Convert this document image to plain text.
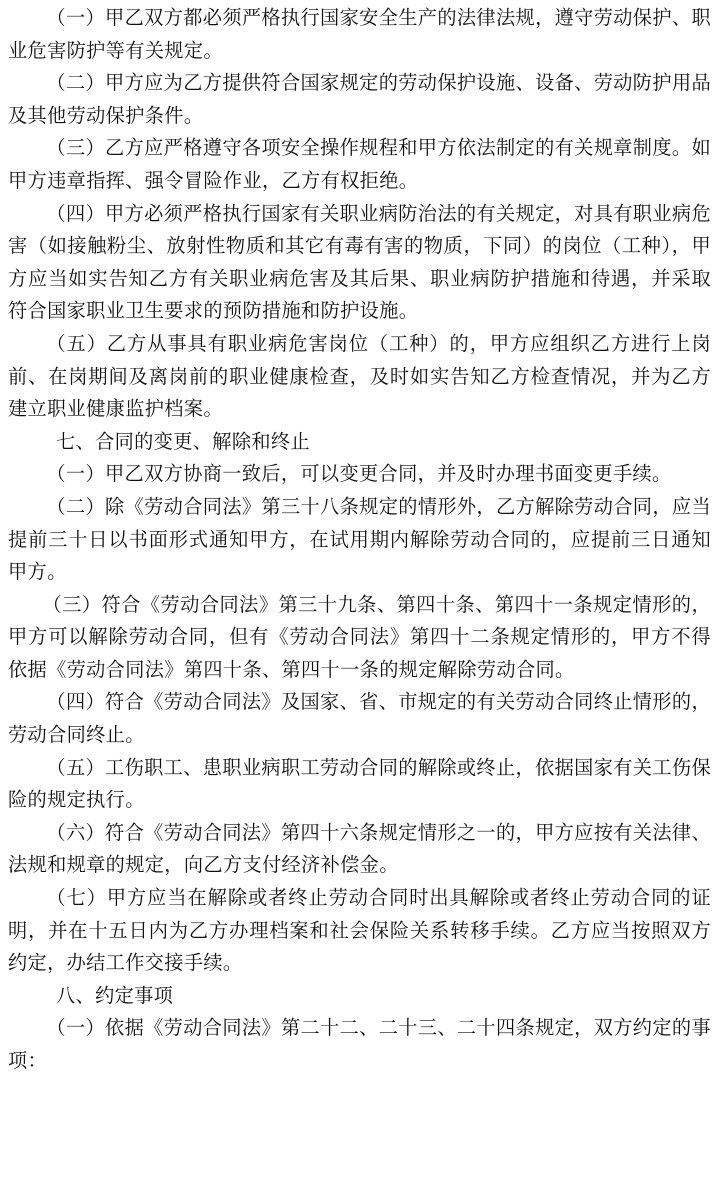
（一）甲乙双方都必须严格执行国家安全生产的法律法规，遵守劳动保护、职业危害防护等有关规定。

（二）甲方应为乙方提供符合国家规定的劳动保护设施、设备、劳动防护用品及其他劳动保护条件。

（三）乙方应严格遵守各项安全操作规程和甲方依法制定的有关规章制度。如甲方违章指挥、强令冒险作业，乙方有权拒绝。

（四）甲方必须严格执行国家有关职业病防治法的有关规定，对具有职业病危害（如接触粉尘、放射性物质和其它有毒有害的物质，下同）的岗位（工种），甲方应当如实告知乙方有关职业病危害及其后果、职业病防护措施和待遇，并采取符合国家职业卫生要求的预防措施和防护设施。

（五）乙方从事具有职业病危害岗位（工种）的，甲方应组织乙方进行上岗前、在岗期间及离岗前的职业健康检查，及时如实告知乙方检查情况，并为乙方建立职业健康监护档案。

七、合同的变更、解除和终止

（一）甲乙双方协商一致后，可以变更合同，并及时办理书面变更手续。

（二）除《劳动合同法》第三十八条规定的情形外，乙方解除劳动合同，应当提前三十日以书面形式通知甲方，在试用期内解除劳动合同的，应提前三日通知甲方。

（三）符合《劳动合同法》第三十九条、第四十条、第四十一条规定情形的，甲方可以解除劳动合同，但有《劳动合同法》第四十二条规定情形的，甲方不得依据《劳动合同法》第四十条、第四十一条的规定解除劳动合同。

（四）符合《劳动合同法》及国家、省、市规定的有关劳动合同终止情形的，劳动合同终止。

（五）工伤职工、患职业病职工劳动合同的解除或终止，依据国家有关工伤保险的规定执行。

（六）符合《劳动合同法》第四十六条规定情形之一的，甲方应按有关法律、法规和规章的规定，向乙方支付经济补偿金。

（七）甲方应当在解除或者终止劳动合同时出具解除或者终止劳动合同的证明，并在十五日内为乙方办理档案和社会保险关系转移手续。乙方应当按照双方约定，办结工作交接手续。

八、约定事项

（一）依据《劳动合同法》第二十二、二十三、二十四条规定，双方约定的事项：
